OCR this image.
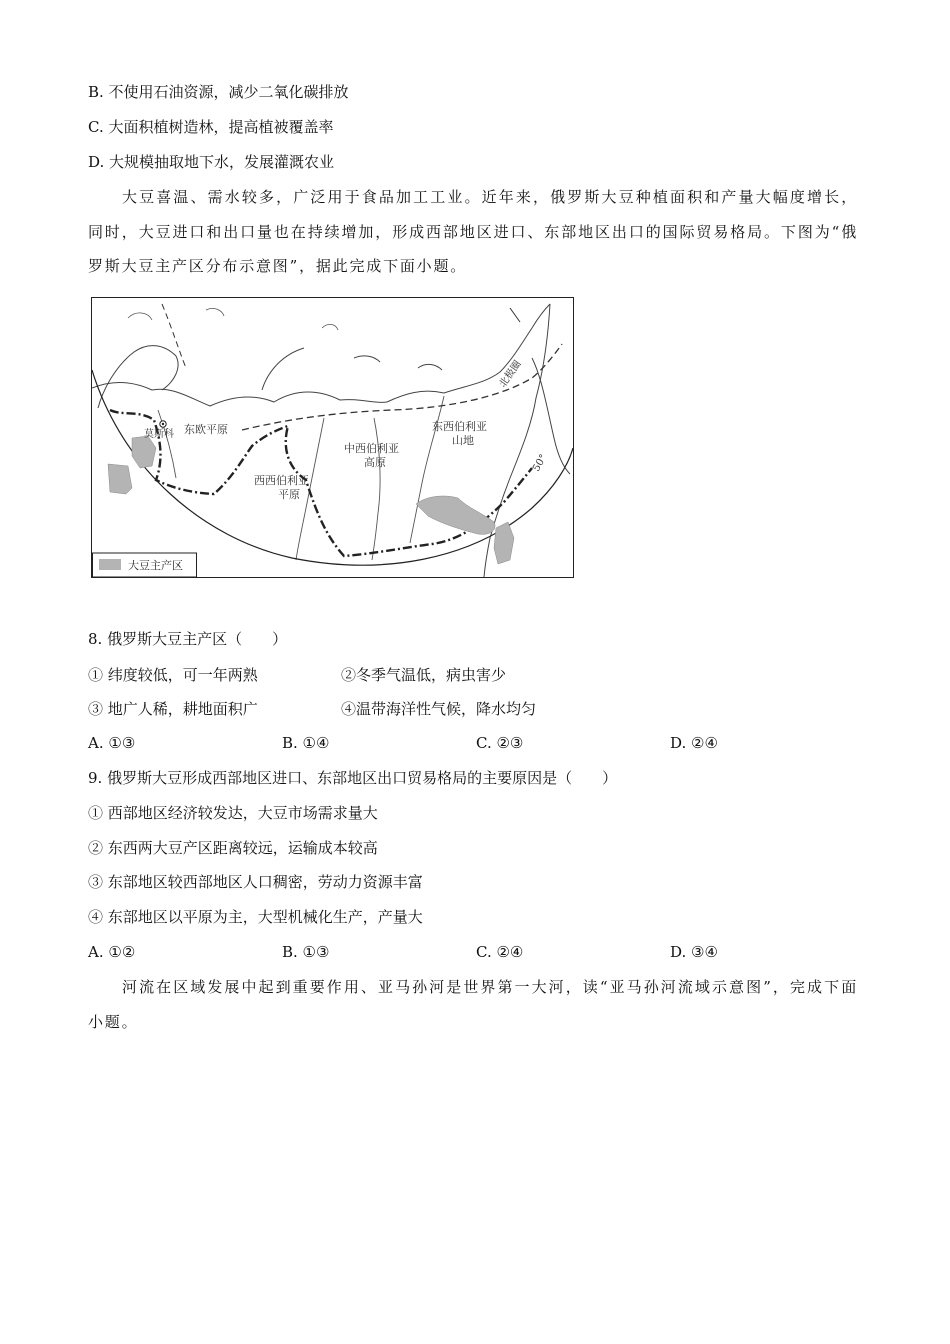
B. 不使用石油资源，减少二氧化碳排放
C. 大面积植树造林，提高植被覆盖率
D. 大规模抽取地下水，发展灌溉农业
大豆喜温、需水较多，广泛用于食品加工工业。近年来，俄罗斯大豆种植面积和产量大幅度增长，同时，大豆进口和出口量也在持续增加，形成西部地区进口、东部地区出口的国际贸易格局。下图为“俄罗斯大豆主产区分布示意图”，据此完成下面小题。
莫斯科 东欧平原
西西伯利亚
平原
中西伯利亚
高原
东西伯利亚
山地
北极圈
50°
大豆主产区
8. 俄罗斯大豆主产区（　　）
① 纬度较低，可一年两熟	②冬季气温低，病虫害少
③ 地广人稀，耕地面积广	④温带海洋性气候，降水均匀
A. ①③	B. ①④	C. ②③	D. ②④
9. 俄罗斯大豆形成西部地区进口、东部地区出口贸易格局的主要原因是（　　）
① 西部地区经济较发达，大豆市场需求量大
② 东西两大豆产区距离较远，运输成本较高
③ 东部地区较西部地区人口稠密，劳动力资源丰富
④ 东部地区以平原为主，大型机械化生产，产量大
A. ①②	B. ①③	C. ②④	D. ③④
河流在区域发展中起到重要作用、亚马孙河是世界第一大河，读“亚马孙河流域示意图”，完成下面小题。
